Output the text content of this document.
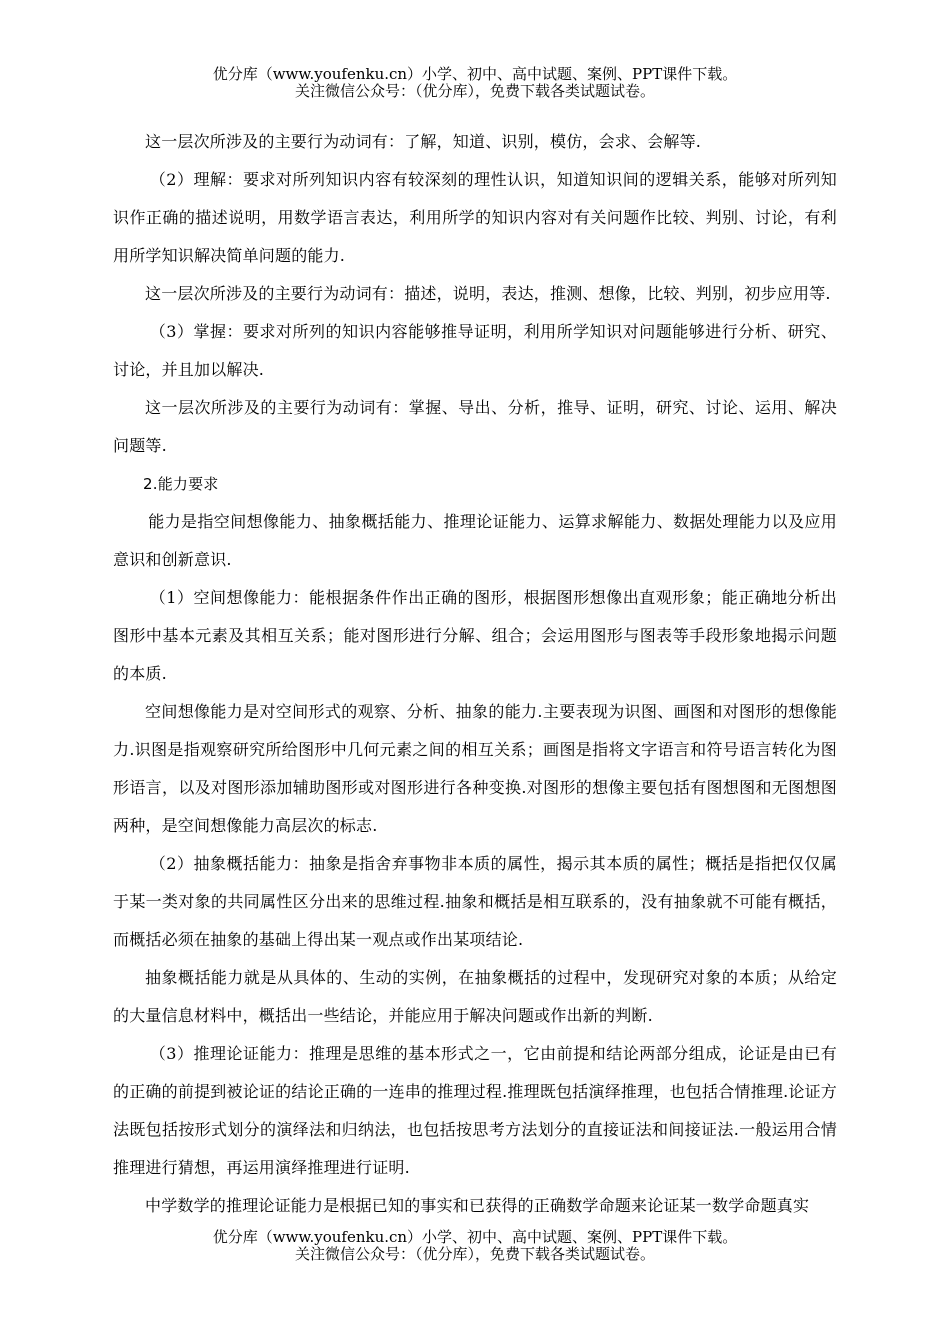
优分库（www.youfenku.cn）小学、初中、高中试题、案例、PPT课件下载。
关注微信公众号：（优分库），免费下载各类试题试卷。

这一层次所涉及的主要行为动词有：了解，知道、识别，模仿，会求、会解等.

（2）理解：要求对所列知识内容有较深刻的理性认识，知道知识间的逻辑关系，能够对所列知识作正确的描述说明，用数学语言表达，利用所学的知识内容对有关问题作比较、判别、讨论，有利用所学知识解决简单问题的能力.

这一层次所涉及的主要行为动词有：描述，说明，表达，推测、想像，比较、判别，初步应用等.

（3）掌握：要求对所列的知识内容能够推导证明，利用所学知识对问题能够进行分析、研究、讨论，并且加以解决.

这一层次所涉及的主要行为动词有：掌握、导出、分析，推导、证明，研究、讨论、运用、解决问题等.

2.能力要求

能力是指空间想像能力、抽象概括能力、推理论证能力、运算求解能力、数据处理能力以及应用意识和创新意识.

（1）空间想像能力：能根据条件作出正确的图形，根据图形想像出直观形象；能正确地分析出图形中基本元素及其相互关系；能对图形进行分解、组合；会运用图形与图表等手段形象地揭示问题的本质.

空间想像能力是对空间形式的观察、分析、抽象的能力.主要表现为识图、画图和对图形的想像能力.识图是指观察研究所给图形中几何元素之间的相互关系；画图是指将文字语言和符号语言转化为图形语言，以及对图形添加辅助图形或对图形进行各种变换.对图形的想像主要包括有图想图和无图想图两种，是空间想像能力高层次的标志.

（2）抽象概括能力：抽象是指舍弃事物非本质的属性，揭示其本质的属性；概括是指把仅仅属于某一类对象的共同属性区分出来的思维过程.抽象和概括是相互联系的，没有抽象就不可能有概括，而概括必须在抽象的基础上得出某一观点或作出某项结论.

抽象概括能力就是从具体的、生动的实例，在抽象概括的过程中，发现研究对象的本质；从给定的大量信息材料中，概括出一些结论，并能应用于解决问题或作出新的判断.

（3）推理论证能力：推理是思维的基本形式之一，它由前提和结论两部分组成，论证是由已有的正确的前提到被论证的结论正确的一连串的推理过程.推理既包括演绎推理，也包括合情推理.论证方法既包括按形式划分的演绎法和归纳法，也包括按思考方法划分的直接证法和间接证法.一般运用合情推理进行猜想，再运用演绎推理进行证明.

中学数学的推理论证能力是根据已知的事实和已获得的正确数学命题来论证某一数学命题真实

优分库（www.youfenku.cn）小学、初中、高中试题、案例、PPT课件下载。
关注微信公众号：（优分库），免费下载各类试题试卷。
